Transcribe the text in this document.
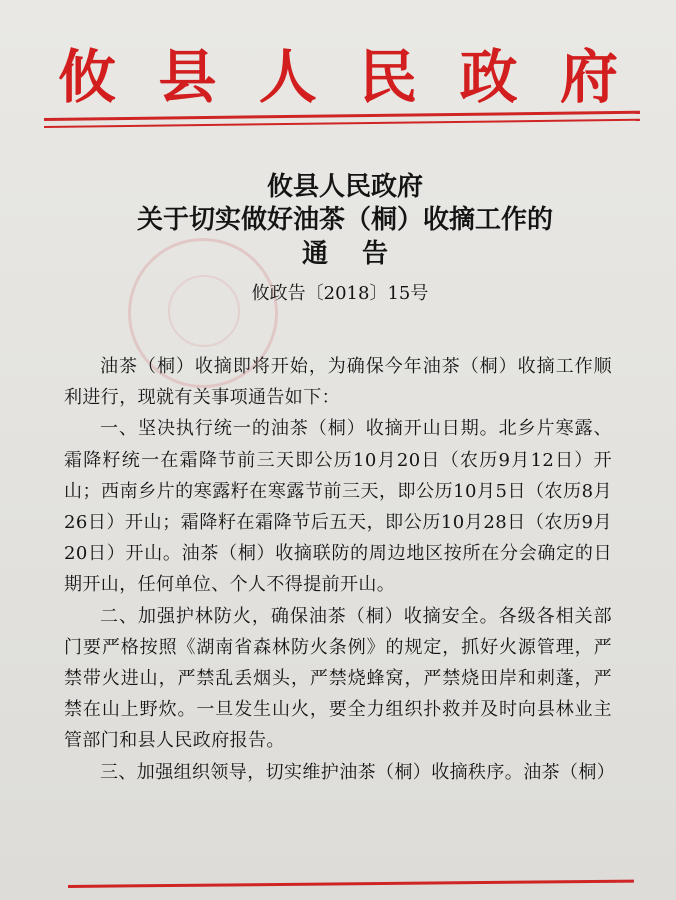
攸 县 人 民 政 府
攸县人民政府
关于切实做好油茶（桐）收摘工作的
通告
攸政告〔2018〕15号

油茶（桐）收摘即将开始，为确保今年油茶（桐）收摘工作顺利进行，现就有关事项通告如下：

一、坚决执行统一的油茶（桐）收摘开山日期。北乡片寒露、霜降籽统一在霜降节前三天即公历10月20日（农历9月12日）开山；西南乡片的寒露籽在寒露节前三天，即公历10月5日（农历8月26日）开山；霜降籽在霜降节后五天，即公历10月28日（农历9月20日）开山。油茶（桐）收摘联防的周边地区按所在分会确定的日期开山，任何单位、个人不得提前开山。

二、加强护林防火，确保油茶（桐）收摘安全。各级各相关部门要严格按照《湖南省森林防火条例》的规定，抓好火源管理，严禁带火进山，严禁乱丢烟头，严禁烧蜂窝，严禁烧田岸和刺蓬，严禁在山上野炊。一旦发生山火，要全力组织扑救并及时向县林业主管部门和县人民政府报告。

三、加强组织领导，切实维护油茶（桐）收摘秩序。油茶（桐）
